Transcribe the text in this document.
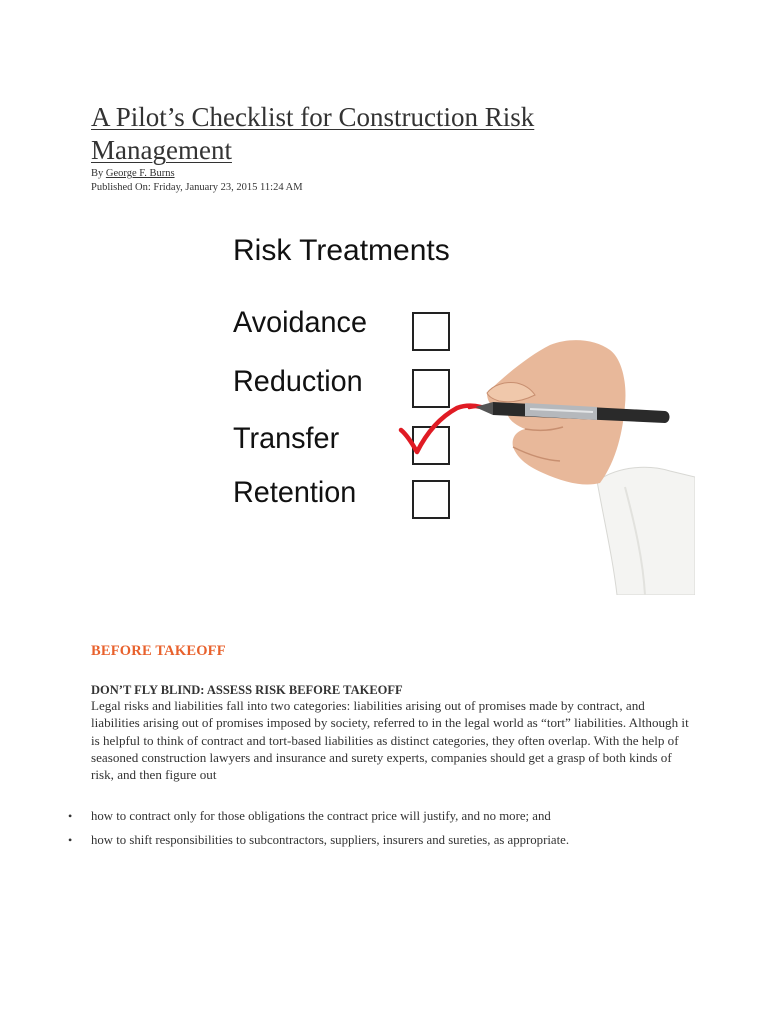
A Pilot’s Checklist for Construction Risk Management
By George F. Burns
Published On: Friday, January 23, 2015 11:24 AM
Risk Treatments
Avoidance
Reduction
Transfer
Retention
BEFORE TAKEOFF
DON’T FLY BLIND: ASSESS RISK BEFORE TAKEOFF

Legal risks and liabilities fall into two categories: liabilities arising out of promises made by contract, and liabilities arising out of promises imposed by society, referred to in the legal world as “tort” liabilities. Although it is helpful to think of contract and tort-based liabilities as distinct categories, they often overlap. With the help of seasoned construction lawyers and insurance and surety experts, companies should get a grasp of both kinds of risk, and then figure out

• how to contract only for those obligations the contract price will justify, and no more; and
• how to shift responsibilities to subcontractors, suppliers, insurers and sureties, as appropriate.
